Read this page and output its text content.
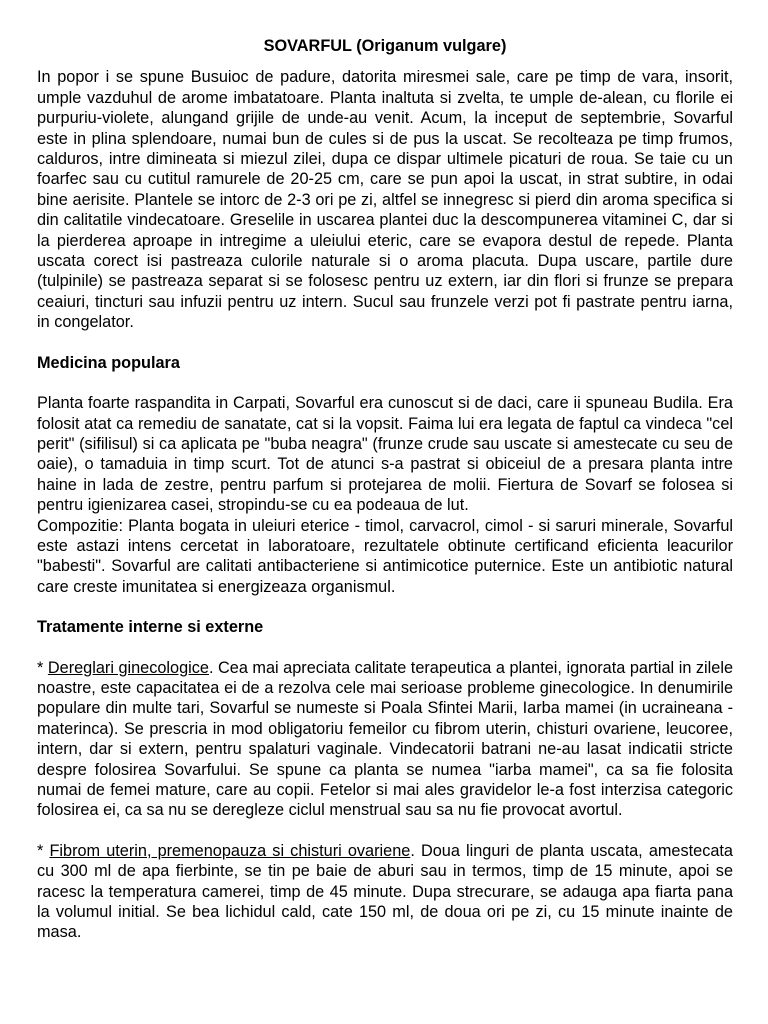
SOVARFUL (Origanum vulgare)

In popor i se spune Busuioc de padure, datorita miresmei sale, care pe timp de vara, insorit, umple vazduhul de arome imbatatoare. Planta inaltuta si zvelta, te umple de-alean, cu florile ei purpuriu-violete, alungand grijile de unde-au venit. Acum, la inceput de septembrie, Sovarful este in plina splendoare, numai bun de cules si de pus la uscat. Se recolteaza pe timp frumos, calduros, intre dimineata si miezul zilei, dupa ce dispar ultimele picaturi de roua. Se taie cu un foarfec sau cu cutitul ramurele de 20-25 cm, care se pun apoi la uscat, in strat subtire, in odai bine aerisite. Plantele se intorc de 2-3 ori pe zi, altfel se innegresc si pierd din aroma specifica si din calitatile vindecatoare. Greselile in uscarea plantei duc la descompunerea vitaminei C, dar si la pierderea aproape in intregime a uleiului eteric, care se evapora destul de repede. Planta uscata corect isi pastreaza culorile naturale si o aroma placuta. Dupa uscare, partile dure (tulpinile) se pastreaza separat si se folosesc pentru uz extern, iar din flori si frunze se prepara ceaiuri, tincturi sau infuzii pentru uz intern. Sucul sau frunzele verzi pot fi pastrate pentru iarna, in congelator.

Medicina populara

Planta foarte raspandita in Carpati, Sovarful era cunoscut si de daci, care ii spuneau Budila. Era folosit atat ca remediu de sanatate, cat si la vopsit. Faima lui era legata de faptul ca vindeca "cel perit" (sifilisul) si ca aplicata pe "buba neagra" (frunze crude sau uscate si amestecate cu seu de oaie), o tamaduia in timp scurt. Tot de atunci s-a pastrat si obiceiul de a presara planta intre haine in lada de zestre, pentru parfum si protejarea de molii. Fiertura de Sovarf se folosea si pentru igienizarea casei, stropindu-se cu ea podeaua de lut.

Compozitie: Planta bogata in uleiuri eterice - timol, carvacrol, cimol - si saruri minerale, Sovarful este astazi intens cercetat in laboratoare, rezultatele obtinute certificand eficienta leacurilor "babesti". Sovarful are calitati antibacteriene si antimicotice puternice. Este un antibiotic natural care creste imunitatea si energizeaza organismul.

Tratamente interne si externe

* Dereglari ginecologice. Cea mai apreciata calitate terapeutica a plantei, ignorata partial in zilele noastre, este capacitatea ei de a rezolva cele mai serioase probleme ginecologice. In denumirile populare din multe tari, Sovarful se numeste si Poala Sfintei Marii, Iarba mamei (in ucraineana - materinca). Se prescria in mod obligatoriu femeilor cu fibrom uterin, chisturi ovariene, leucoree, intern, dar si extern, pentru spalaturi vaginale. Vindecatorii batrani ne-au lasat indicatii stricte despre folosirea Sovarfului. Se spune ca planta se numea "iarba mamei", ca sa fie folosita numai de femei mature, care au copii. Fetelor si mai ales gravidelor le-a fost interzisa categoric folosirea ei, ca sa nu se deregleze ciclul menstrual sau sa nu fie provocat avortul.

* Fibrom uterin, premenopauza si chisturi ovariene. Doua linguri de planta uscata, amestecata cu 300 ml de apa fierbinte, se tin pe baie de aburi sau in termos, timp de 15 minute, apoi se racesc la temperatura camerei, timp de 45 minute. Dupa strecurare, se adauga apa fiarta pana la volumul initial. Se bea lichidul cald, cate 150 ml, de doua ori pe zi, cu 15 minute inainte de masa.
